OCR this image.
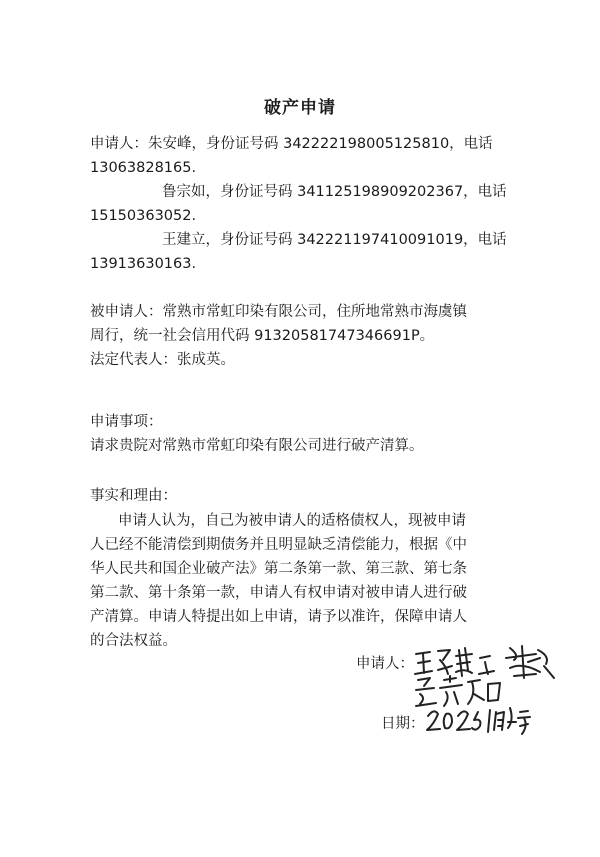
破产申请
申请人：朱安峰，身份证号码 342222198005125810，电话
13063828165.
鲁宗如，身份证号码 341125198909202367，电话
15150363052.
王建立，身份证号码 342221197410091019，电话
13913630163.
被申请人：常熟市常虹印染有限公司，住所地常熟市海虞镇
周行，统一社会信用代码 91320581747346691P。
法定代表人：张成英。
申请事项：
请求贵院对常熟市常虹印染有限公司进行破产清算。
事实和理由：
申请人认为，自己为被申请人的适格债权人，现被申请
人已经不能清偿到期债务并且明显缺乏清偿能力，根据《中
华人民共和国企业破产法》第二条第一款、第三款、第七条
第二款、第十条第一款，申请人有权申请对被申请人进行破
产清算。申请人特提出如上申请，请予以准许，保障申请人
的合法权益。
申请人：
日期：
